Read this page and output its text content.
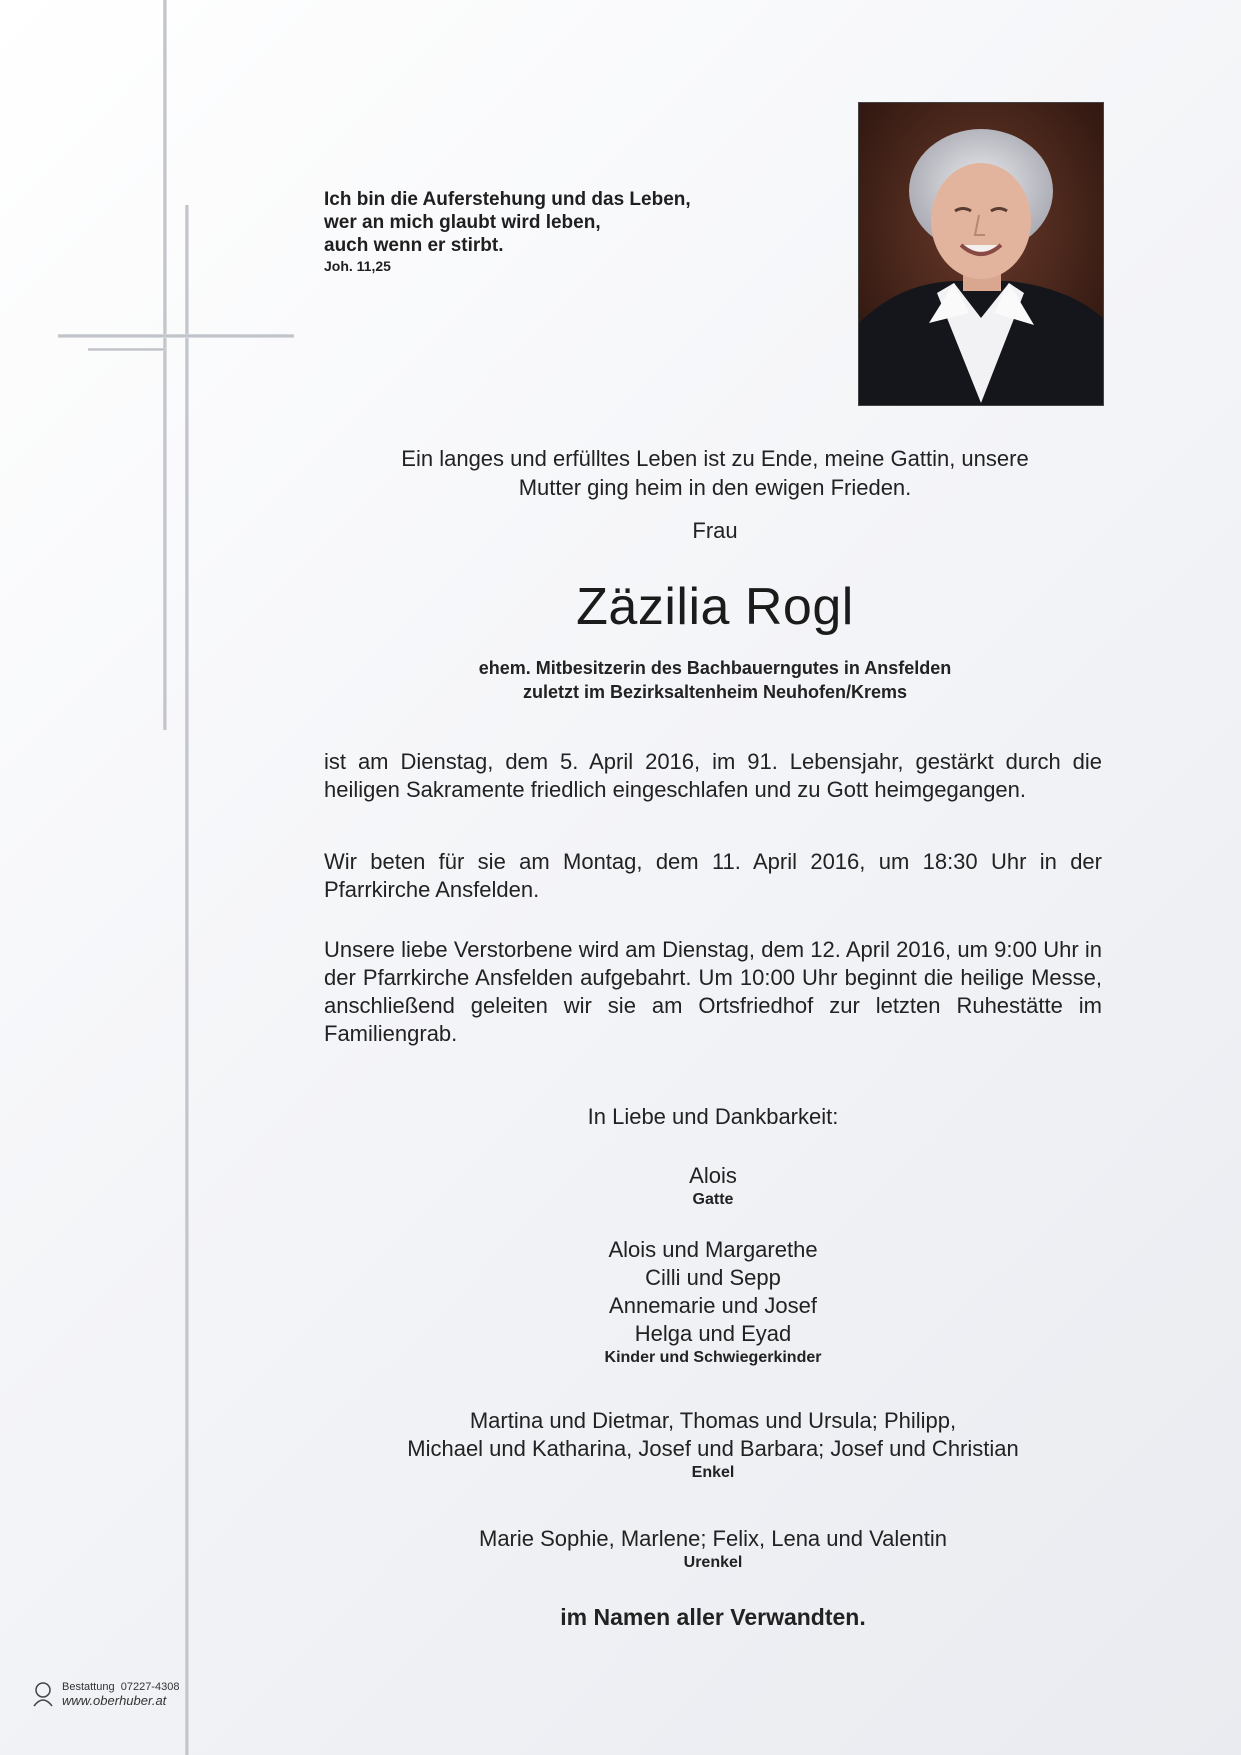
Ich bin die Auferstehung und das Leben,
wer an mich glaubt wird leben,
auch wenn er stirbt.
Joh. 11,25
Ein langes und erfülltes Leben ist zu Ende, meine Gattin, unsere
Mutter ging heim in den ewigen Frieden.
Frau
Zäzilia Rogl
ehem. Mitbesitzerin des Bachbauerngutes in Ansfelden
zuletzt im Bezirksaltenheim Neuhofen/Krems
ist am Dienstag, dem 5. April 2016, im 91. Lebensjahr, gestärkt durch die heiligen Sakramente friedlich eingeschlafen und zu Gott heimgegangen.
Wir beten für sie am Montag, dem 11. April 2016, um 18:30 Uhr in der Pfarrkirche Ansfelden.
Unsere liebe Verstorbene wird am Dienstag, dem 12. April 2016, um 9:00 Uhr in der Pfarrkirche Ansfelden aufgebahrt. Um 10:00 Uhr beginnt die heilige Messe, anschließend geleiten wir sie am Ortsfriedhof zur letzten Ruhestätte im Familiengrab.
In Liebe und Dankbarkeit:
Alois
Gatte
Alois und Margarethe
Cilli und Sepp
Annemarie und Josef
Helga und Eyad
Kinder und Schwiegerkinder
Martina und Dietmar, Thomas und Ursula; Philipp,
Michael und Katharina, Josef und Barbara; Josef und Christian
Enkel
Marie Sophie, Marlene; Felix, Lena und Valentin
Urenkel
im Namen aller Verwandten.
Bestattung 07227-4308
www.oberhuber.at
